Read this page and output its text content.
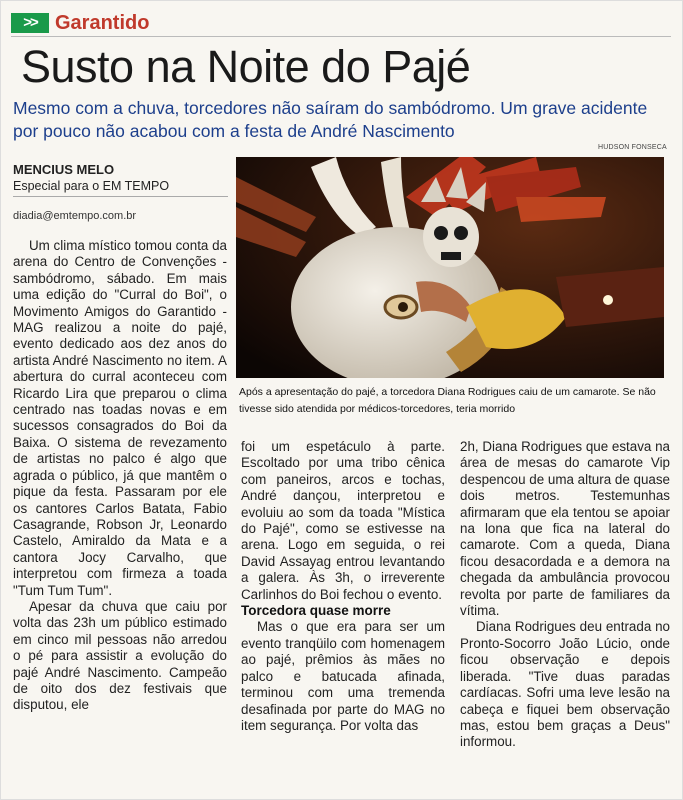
>> Garantido
Susto na Noite do Pajé
Mesmo com a chuva, torcedores não saíram do sambódromo. Um grave acidente por pouco não acabou com a festa de André Nascimento
HUDSON FONSECA
MENCIUS MELO
Especial para o EM TEMPO
diadia@emtempo.com.br
Após a apresentação do pajé, a torcedora Diana Rodrigues caiu de um camarote. Se não tivesse sido atendida por médicos-torcedores, teria morrido

Um clima místico tomou conta da arena do Centro de Convenções - sambódromo, sábado. Em mais uma edição do "Curral do Boi", o Movimento Amigos do Garantido - MAG realizou a noite do pajé, evento dedicado aos dez anos do artista André Nascimento no item. A abertura do curral aconteceu com Ricardo Lira que preparou o clima centrado nas toadas novas e em sucessos consagrados do Boi da Baixa. O sistema de revezamento de artistas no palco é algo que agrada o público, já que mantêm o pique da festa. Passaram por ele os cantores Carlos Batata, Fabio Casagrande, Robson Jr, Leonardo Castelo, Amiraldo da Mata e a cantora Jocy Carvalho, que interpretou com firmeza a toada "Tum Tum Tum".

Apesar da chuva que caiu por volta das 23h um público estimado em cinco mil pessoas não arredou o pé para assistir a evolução do pajé André Nascimento. Campeão de oito dos dez festivais que disputou, ele

foi um espetáculo à parte. Escoltado por uma tribo cênica com paneiros, arcos e tochas, André dançou, interpretou e evoluiu ao som da toada "Mística do Pajé", como se estivesse na arena. Logo em seguida, o rei David Assayag entrou levantando a galera. Às 3h, o irreverente Carlinhos do Boi fechou o evento.

Torcedora quase morre

Mas o que era para ser um evento tranqüilo com homenagem ao pajé, prêmios às mães no palco e batucada afinada, terminou com uma tremenda desafinada por parte do MAG no item segurança. Por volta das

2h, Diana Rodrigues que estava na área de mesas do camarote Vip despencou de uma altura de quase dois metros. Testemunhas afirmaram que ela tentou se apoiar na lona que fica na lateral do camarote. Com a queda, Diana ficou desacordada e a demora na chegada da ambulância provocou revolta por parte de familiares da vítima.

Diana Rodrigues deu entrada no Pronto-Socorro João Lúcio, onde ficou observação e depois liberada. "Tive duas paradas cardíacas. Sofri uma leve lesão na cabeça e fiquei bem observação mas, estou bem graças a Deus" informou.
